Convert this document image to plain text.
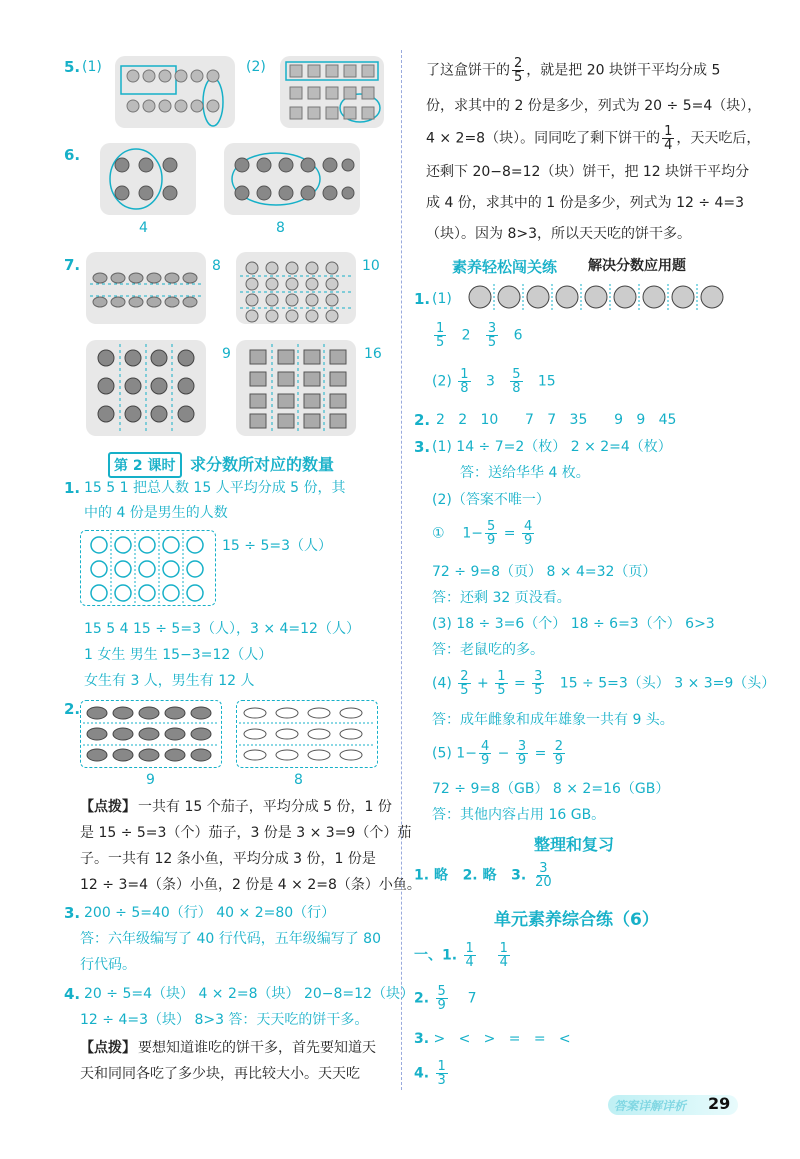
5. (1)	(2)
6.
4	8
7.	8	10
9	16
第 2 课时 求分数所对应的数量
1. 15 5 1 把总人数 15 人平均分成 5 份，其
中的 4 份是男生的人数
15 ÷ 5=3（人）
15 5 4 15 ÷ 5=3（人），3 × 4=12（人）
1 女生 男生 15−3=12（人）
女生有 3 人，男生有 12 人
2.
9	8
【点拨】 一共有 15 个茄子，平均分成 5 份，1 份
是 15 ÷ 5=3（个）茄子，3 份是 3 × 3=9（个）茄
子。一共有 12 条小鱼，平均分成 3 份，1 份是
12 ÷ 3=4（条）小鱼，2 份是 4 × 2=8（条）小鱼。
3. 200 ÷ 5=40（行） 40 × 2=80（行）
答：六年级编写了 40 行代码，五年级编写了 80
行代码。
4. 20 ÷ 5=4（块） 4 × 2=8（块） 20−8=12（块）
12 ÷ 4=3（块） 8>3 答：天天吃的饼干多。
【点拨】 要想知道谁吃的饼干多，首先要知道天
天和同同各吃了多少块，再比较大小。天天吃
了这盒饼干的 $\frac{2}{5}$ ，就是把 20 块饼干平均分成 5
份，求其中的 2 份是多少，列式为 20 ÷ 5=4（块），
4 × 2=8（块）。同同吃了剩下饼干的 $\frac{1}{4}$ ，天天吃后，
还剩下 20−8=12（块）饼干，把 12 块饼干平均分
成 4 份，求其中的 1 份是多少，列式为 12 ÷ 4=3
（块）。因为 8>3，所以天天吃的饼干多。
素养轻松闯关练 解决分数应用题
1. (1)
$\frac{1}{5} 2 \frac{3}{5} 6$
$(2) \frac{1}{8} 3 \frac{5}{8} 15$
2. 2   2   10      7   7   35      9   9   45
3. (1) 14 ÷ 7=2（枚） 2 × 2=4（枚）
答：送给华华 4 枚。
(2)（答案不唯一）
① $1- \frac{5}{9} = \frac{4}{9}$
72 ÷ 9=8（页） 8 × 4=32（页）
答：还剩 32 页没看。
(3) 18 ÷ 3=6（个） 18 ÷ 6=3（个） 6>3
答：老鼠吃的多。
$(4) \frac{2}{5} + \frac{1}{5} = \frac{3}{5} 15 \div 5=3$（头） 3 × 3=9（头）
答：成年雌象和成年雄象一共有 9 头。
(5) $1- \frac{4}{9} - \frac{3}{9} = \frac{2}{9}$
72 ÷ 9=8（GB） 8 × 2=16（GB）
答：其他内容占用 16 GB。
整理和复习
1. 略 2. 略 3. $\frac{3}{20}$
单元素养综合练（6）
一、1. $\frac{1}{4}$
$\frac{1}{4}$
2. $\frac{5}{9} 7$
3. >   <   >   =   =   <
4. $\frac{1}{3}$
答案详解详析 29
